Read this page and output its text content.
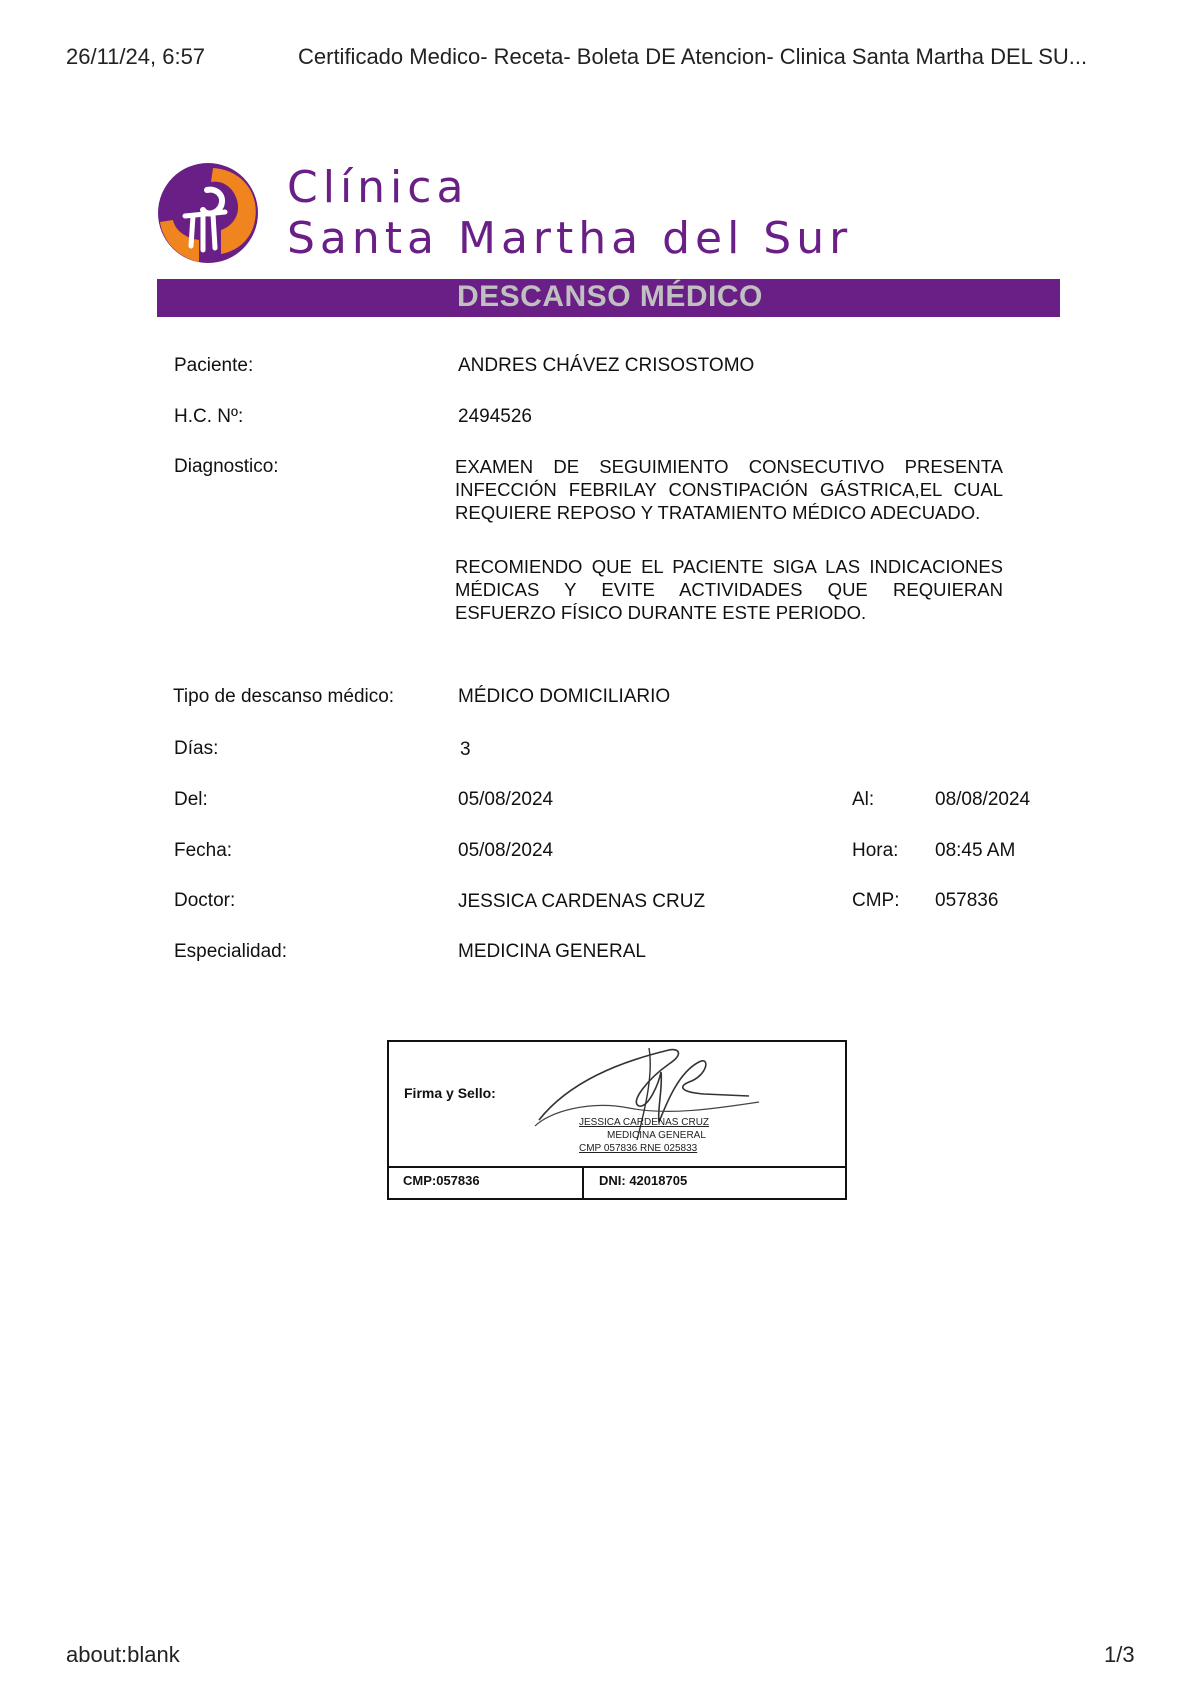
26/11/24, 6:57	Certificado Medico- Receta- Boleta DE Atencion- Clinica Santa Martha DEL SU...
Clínica
Santa Martha del Sur
DESCANSO MÉDICO
Paciente:	ANDRES CHÁVEZ CRISOSTOMO
H.C. Nº:	2494526
Diagnostico:	EXAMEN DE SEGUIMIENTO CONSECUTIVO PRESENTA INFECCIÓN FEBRILAY CONSTIPACIÓN GÁSTRICA,EL CUAL REQUIERE REPOSO Y TRATAMIENTO MÉDICO ADECUADO.
RECOMIENDO QUE EL PACIENTE SIGA LAS INDICACIONES MÉDICAS Y EVITE ACTIVIDADES QUE REQUIERAN ESFUERZO FÍSICO DURANTE ESTE PERIODO.
Tipo de descanso médico:	MÉDICO DOMICILIARIO
Días:	3
Del:	05/08/2024	Al:	08/08/2024
Fecha:	05/08/2024	Hora: 08:45 AM
Doctor:	JESSICA CARDENAS CRUZ	CMP: 057836
Especialidad:	MEDICINA GENERAL
Firma y Sello:
JESSICA CARDENAS CRUZ
MEDICINA GENERAL
CMP 057836 RNE 025833
CMP:057836	DNI: 42018705
about:blank	1/3
